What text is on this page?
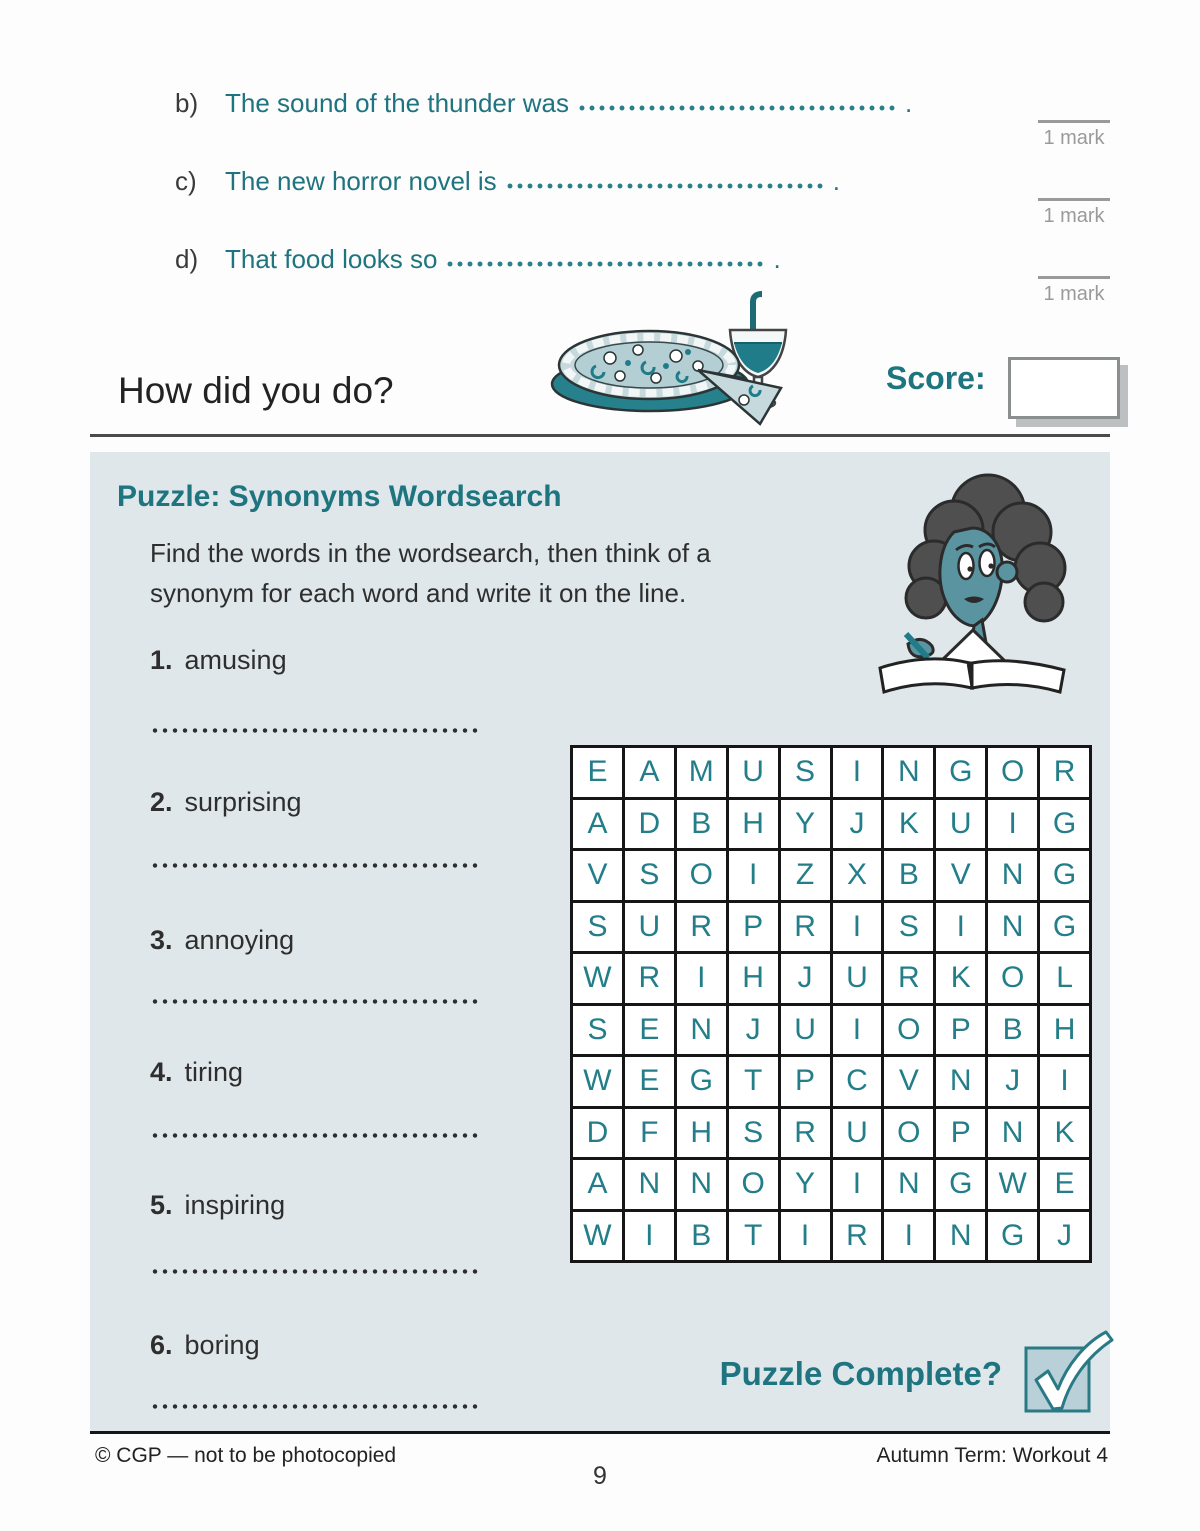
b) The sound of the thunder was	.
1 mark
c) The new horror novel is	.
1 mark
d) That food looks so	.
1 mark
How did you do?	Score:
Puzzle: Synonyms Wordsearch
Find the words in the wordsearch, then think of a
synonym for each word and write it on the line.
1. amusing
2. surprising
3. annoying
4. tiring
5. inspiring
6. boring
E	A M U	S	I	N G O R
A	D	B	H	Y	J	K	U	I	G
V	S	O	I	Z	X	B	V	N G
S	U	R	P	R	I	S	I	N G
W R	I	H	J	U	R	K	O	L
S	E	N	J	U	I	O	P	B	H
W E	G	T	P	C	V	N	J	I
D	F	H	S	R	U O	P	N	K
A	N	N O	Y	I	N G W E
W	I	B	T	I	R	I	N G	J
Puzzle Complete?
© CGP — not to be photocopied	Autumn Term: Workout 4
9
